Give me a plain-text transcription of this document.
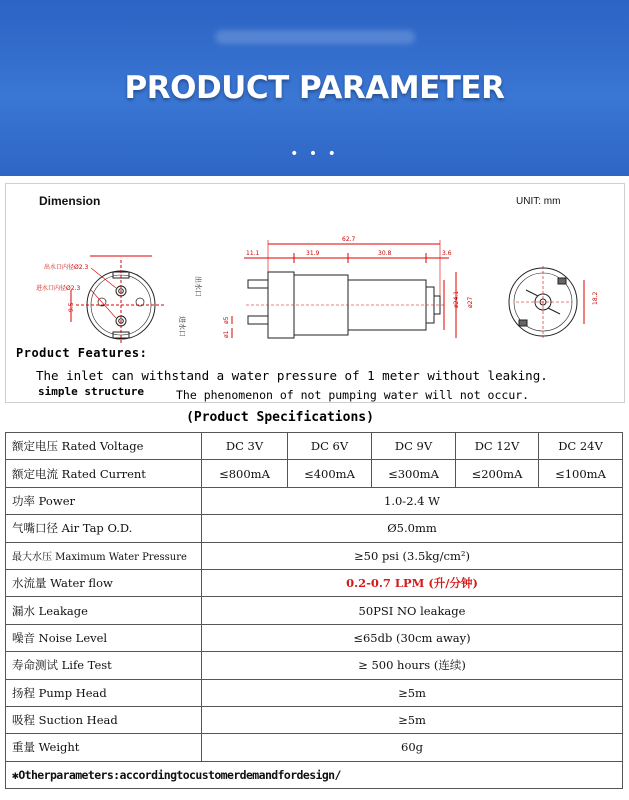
PRODUCT PARAMETER
• • •
Dimension	UNIT: mm
出水口内径Ø2.3
进水口内径Ø2.3
9.5
62.7
11.1	31.9	30.8	3.6
ø27
ø24.1
ø5
ø1
出水口
进水口
18.2
Product Features:
The inlet can withstand a water pressure of 1 meter without leaking.
simple structure	The phenomenon of not pumping water will not occur.
(Product Specifications)
额定电压 Rated Voltage	DC 3V	DC 6V	DC 9V	DC 12V	DC 24V
额定电流 Rated Current	≤800mA	≤400mA	≤300mA	≤200mA	≤100mA
功率 Power	1.0-2.4 W				
气嘴口径 Air Tap O.D.	Ø5.0mm				
最大水压 Maximum Water Pressure	≥50 psi (3.5kg/cm²)				
水流量 Water flow	0.2-0.7 LPM (升/分钟)				
漏水 Leakage	50PSI NO leakage				
噪音 Noise Level	≤65db (30cm away)				
寿命测试 Life Test	≥ 500 hours (连续)				
扬程 Pump Head	≥5m				
吸程 Suction Head	≥5m				
重量 Weight	60g				
✱Otherparameters:accordingtocustomerdemandfordesign/					
